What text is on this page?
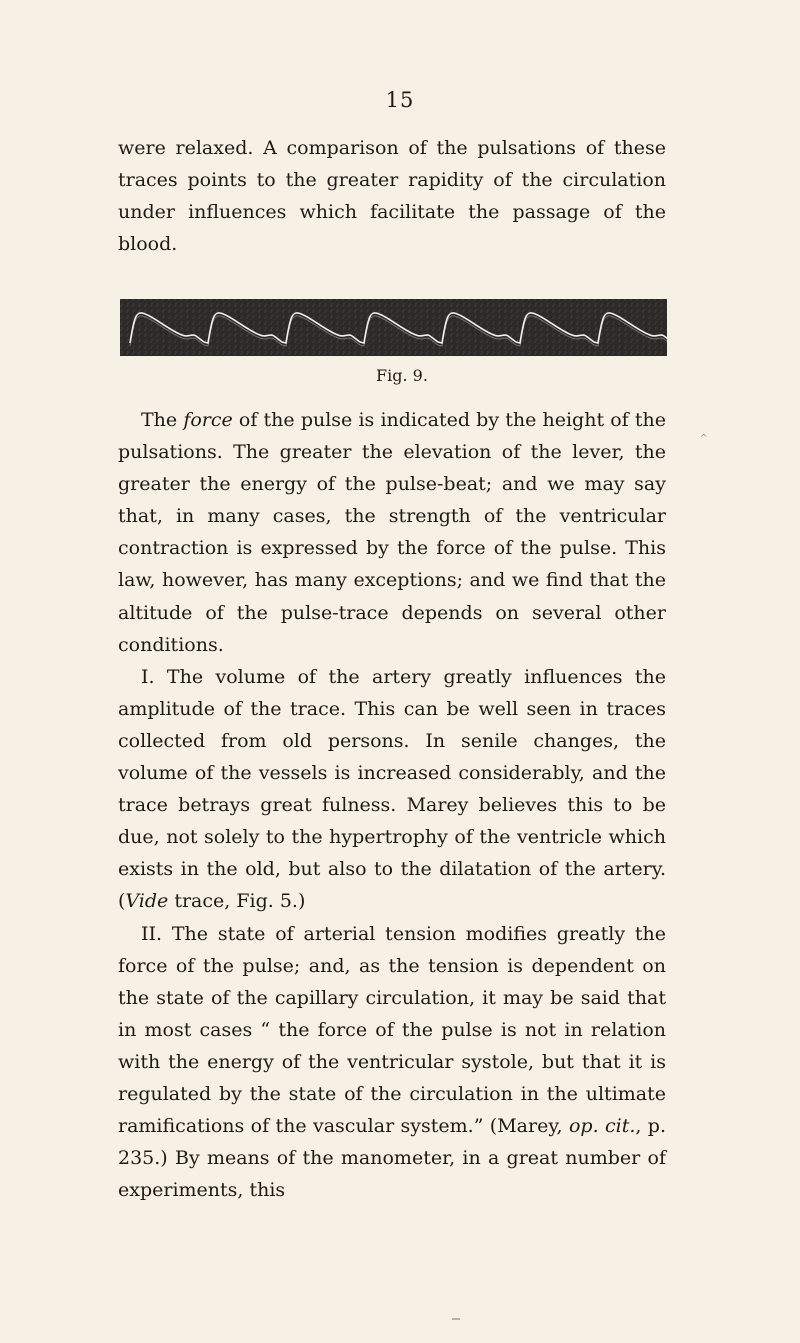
15

were relaxed. A comparison of the pulsations of these traces points to the greater rapidity of the circulation under influences which facilitate the passage of the blood.

Fig. 9.

The force of the pulse is indicated by the height of the pulsations. The greater the elevation of the lever, the greater the energy of the pulse-beat; and we may say that, in many cases, the strength of the ventricular contraction is expressed by the force of the pulse. This law, however, has many exceptions; and we find that the altitude of the pulse-trace depends on several other conditions.

I. The volume of the artery greatly influences the amplitude of the trace. This can be well seen in traces collected from old persons. In senile changes, the volume of the vessels is increased considerably, and the trace betrays great fulness. Marey believes this to be due, not solely to the hypertrophy of the ventricle which exists in the old, but also to the dilatation of the artery. (Vide trace, Fig. 5.)

II. The state of arterial tension modifies greatly the force of the pulse; and, as the tension is dependent on the state of the capillary circulation, it may be said that in most cases “ the force of the pulse is not in relation with the energy of the ventricular systole, but that it is regulated by the state of the circulation in the ultimate ramifications of the vascular system.” (Marey, op. cit., p. 235.) By means of the manometer, in a great number of experiments, this

^
